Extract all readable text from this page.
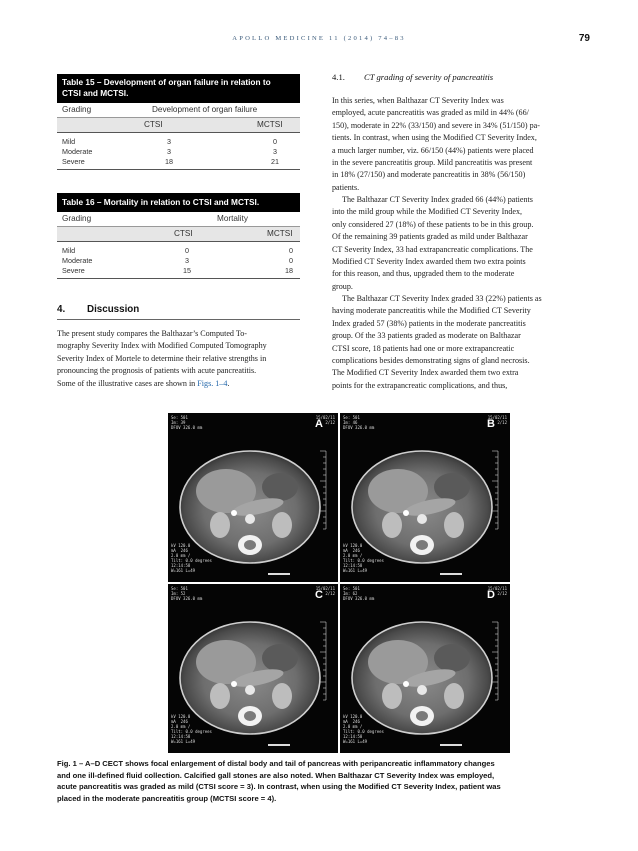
APOLLO MEDICINE 11 (2014) 74–83	79
Table 15 – Development of organ failure in relation to
CTSI and MCTSI.
Grading	Development of organ failure
CTSI	MCTSI
Mild	3	0
Moderate	3	3
Severe	18	21
Table 16 – Mortality in relation to CTSI and MCTSI.
Grading	Mortality
CTSI	MCTSI
Mild	0	0
Moderate	3	0
Severe	15	18
4. Discussion
The present study compares the Balthazar’s Computed To-
mography Severity Index with Modified Computed Tomography
Severity Index of Mortele to determine their relative strengths in
pronouncing the prognosis of patients with acute pancreatitis.
Some of the illustrative cases are shown in Figs. 1–4.
4.1. CT grading of severity of pancreatitis
In this series, when Balthazar CT Severity Index was
employed, acute pancreatitis was graded as mild in 44% (66/
150), moderate in 22% (33/150) and severe in 34% (51/150) pa-
tients. In contrast, when using the Modified CT Severity Index,
a much larger number, viz. 66/150 (44%) patients were placed
in the severe pancreatitis group. Mild pancreatitis was present
in 18% (27/150) and moderate pancreatitis in 38% (56/150)
patients.
The Balthazar CT Severity Index graded 66 (44%) patients
into the mild group while the Modified CT Severity Index,
only considered 27 (18%) of these patients to be in this group.
Of the remaining 39 patients graded as mild under Balthazar
CT Severity Index, 33 had extrapancreatic complications. The
Modified CT Severity Index awarded them two extra points
for this reason, and thus, upgraded them to the moderate
group.
The Balthazar CT Severity Index graded 33 (22%) patients as
having moderate pancreatitis while the Modified CT Severity
Index graded 57 (38%) patients in the moderate pancreatitis
group. Of the 33 patients graded as moderate on Balthazar
CTSI score, 18 patients had one or more extrapancreatic
complications besides demonstrating signs of gland necrosis.
The Modified CT Severity Index awarded them two extra
points for the extrapancreatic complications, and thus,
Se: 501
Im: 39
DFOV 326.0 mm
15/02/11
2/12
kV 120.0
mA  246
2.0 mm /
Tilt: 0.0 degrees
12:14:58
W=161 L=49
A
Se: 501
Im: 46
DFOV 326.0 mm
15/02/11
2/12
kV 120.0
mA  246
2.0 mm /
Tilt: 0.0 degrees
12:14:58
W=161 L=49
B
Se: 501
Im: 52
DFOV 326.0 mm
15/02/11
2/12
kV 120.0
mA  246
2.0 mm /
Tilt: 0.0 degrees
12:14:58
W=161 L=49
C
Se: 501
Im: 62
DFOV 326.0 mm
15/02/11
2/12
kV 120.0
mA  246
2.0 mm /
Tilt: 0.0 degrees
12:14:58
W=161 L=49
D
Fig. 1 – A–D CECT shows focal enlargement of distal body and tail of pancreas with peripancreatic inflammatory changes
and one ill-defined fluid collection. Calcified gall stones are also noted. When Balthazar CT Severity Index was employed,
acute pancreatitis was graded as mild (CTSI score = 3). In contrast, when using the Modified CT Severity Index, patient was
placed in the moderate pancreatitis group (MCTSI score = 4).
